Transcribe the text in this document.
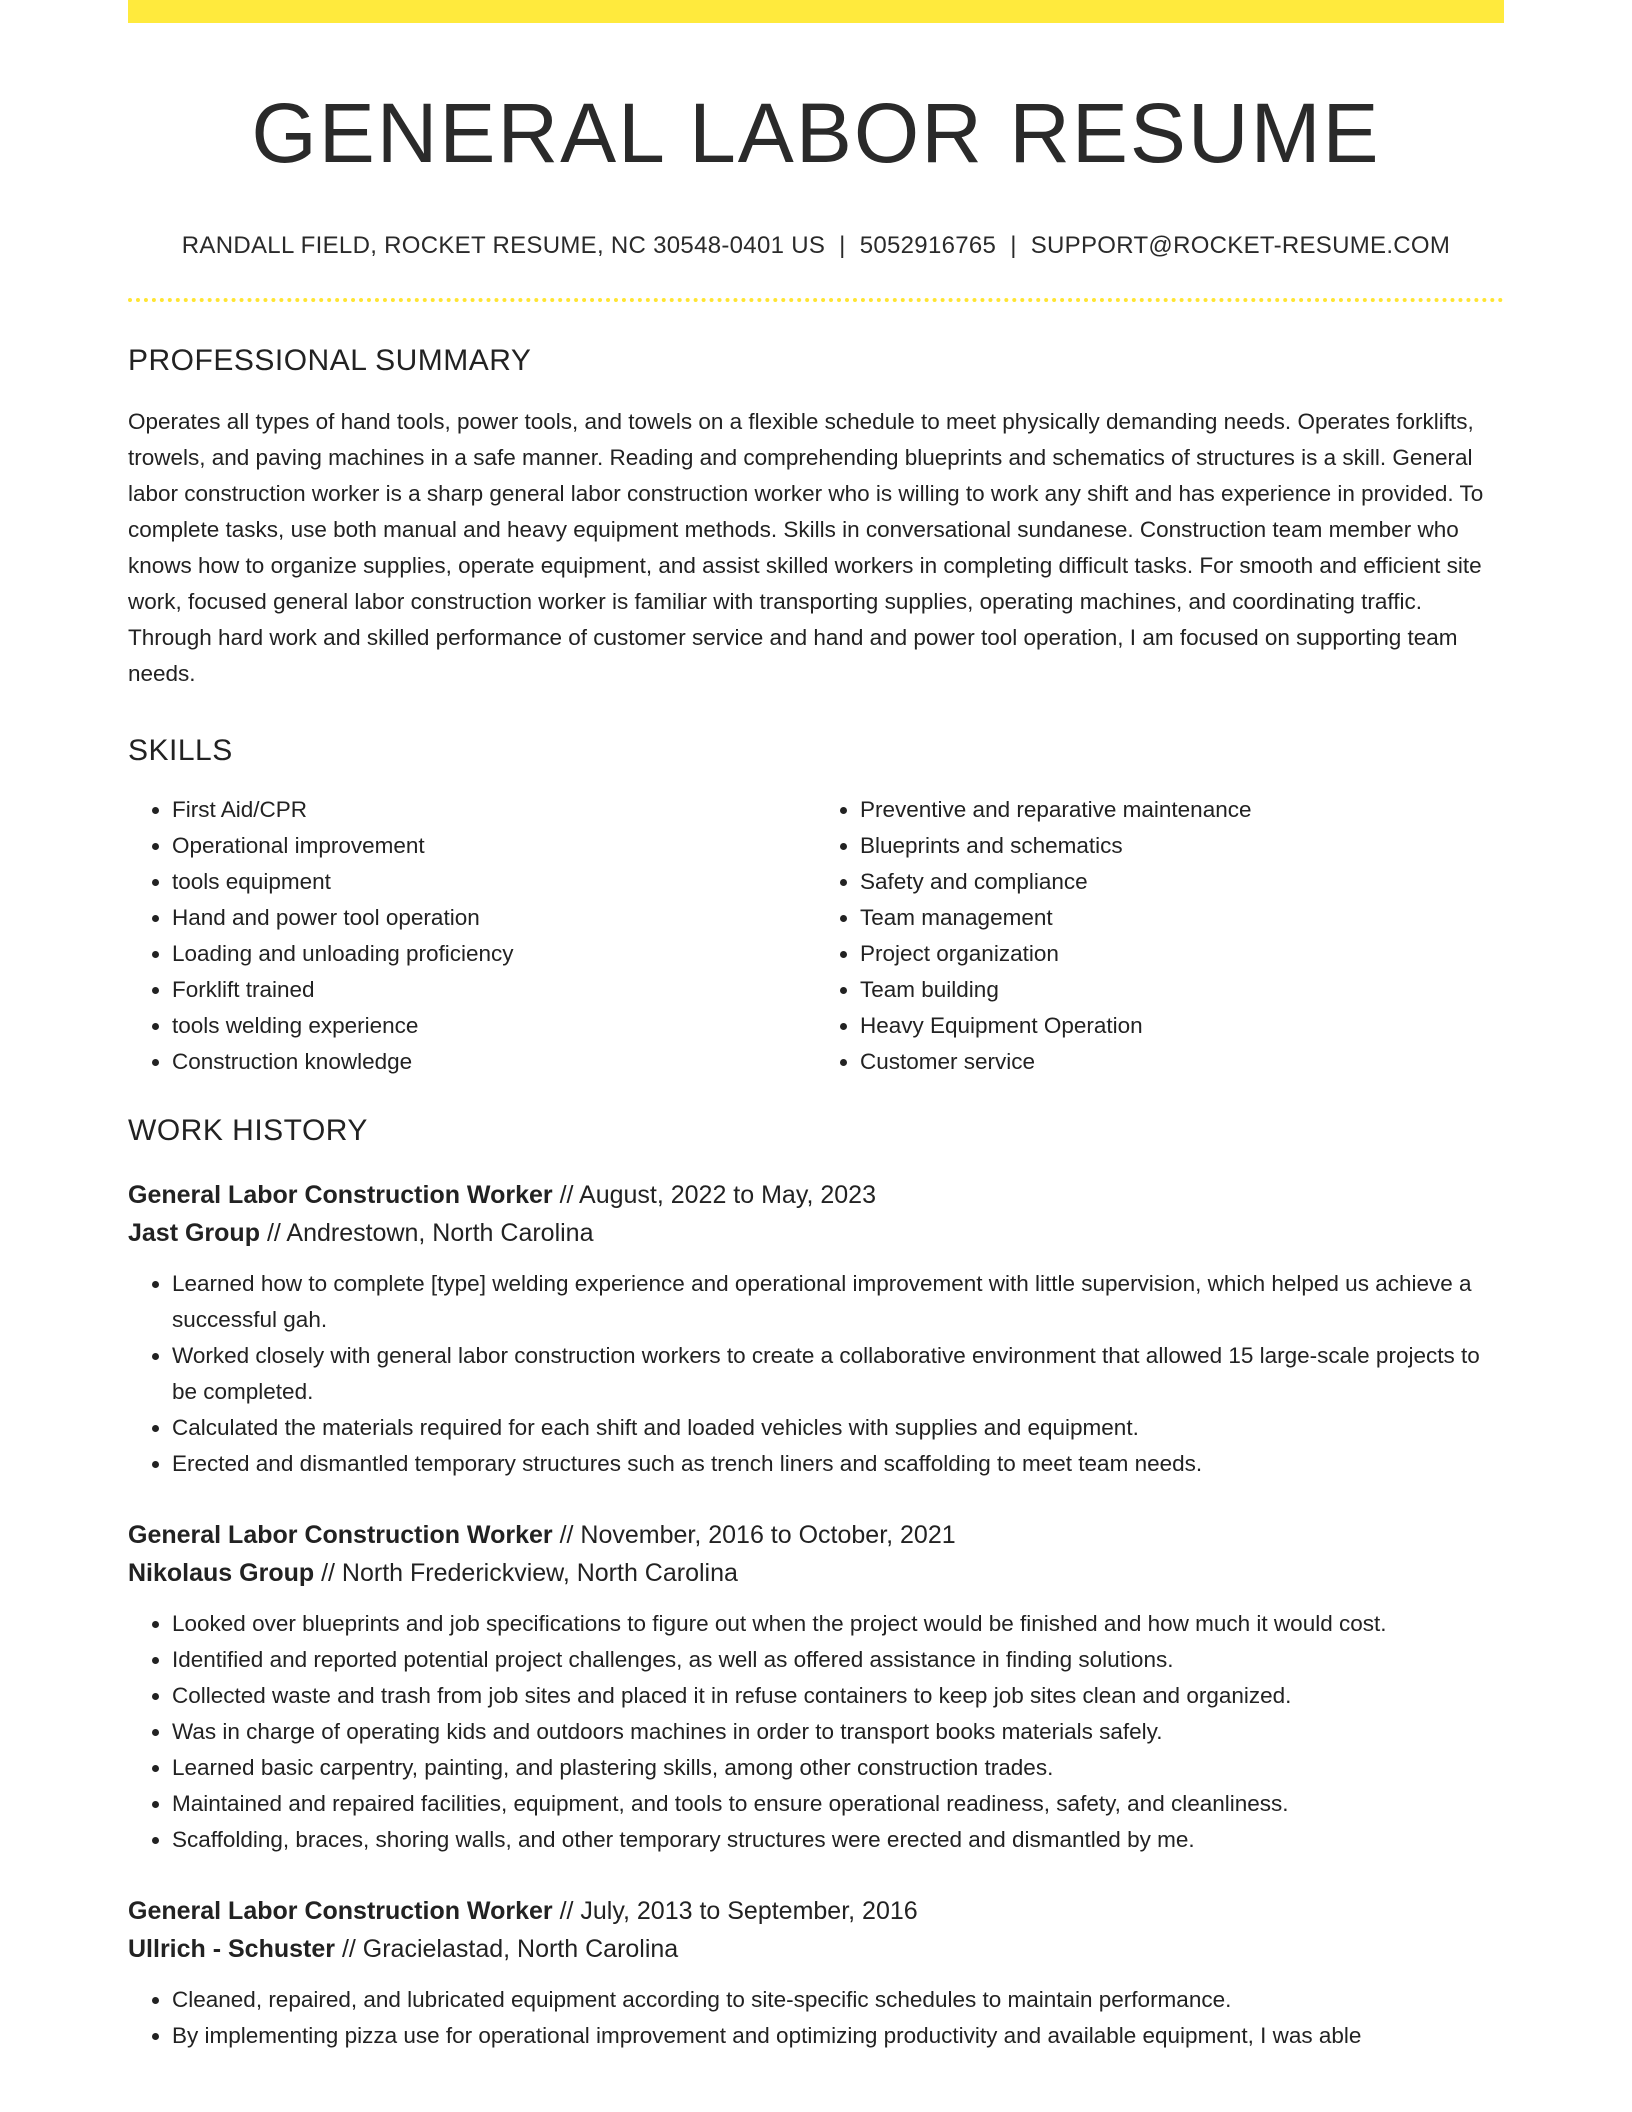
GENERAL LABOR RESUME
RANDALL FIELD, ROCKET RESUME, NC 30548-0401 US | 5052916765 | SUPPORT@ROCKET-RESUME.COM
PROFESSIONAL SUMMARY

Operates all types of hand tools, power tools, and towels on a flexible schedule to meet physically demanding needs. Operates forklifts, trowels, and paving machines in a safe manner. Reading and comprehending blueprints and schematics of structures is a skill. General labor construction worker is a sharp general labor construction worker who is willing to work any shift and has experience in provided. To complete tasks, use both manual and heavy equipment methods. Skills in conversational sundanese. Construction team member who knows how to organize supplies, operate equipment, and assist skilled workers in completing difficult tasks. For smooth and efficient site work, focused general labor construction worker is familiar with transporting supplies, operating machines, and coordinating traffic. Through hard work and skilled performance of customer service and hand and power tool operation, I am focused on supporting team needs.

SKILLS
• First Aid/CPR
• Operational improvement
• tools equipment
• Hand and power tool operation
• Loading and unloading proficiency
• Forklift trained
• tools welding experience
• Construction knowledge
• Preventive and reparative maintenance
• Blueprints and schematics
• Safety and compliance
• Team management
• Project organization
• Team building
• Heavy Equipment Operation
• Customer service
WORK HISTORY
General Labor Construction Worker // August, 2022 to May, 2023
Jast Group // Andrestown, North Carolina
• Learned how to complete [type] welding experience and operational improvement with little supervision, which helped us achieve a successful gah.
• Worked closely with general labor construction workers to create a collaborative environment that allowed 15 large-scale projects to be completed.
• Calculated the materials required for each shift and loaded vehicles with supplies and equipment.
• Erected and dismantled temporary structures such as trench liners and scaffolding to meet team needs.
General Labor Construction Worker // November, 2016 to October, 2021
Nikolaus Group // North Frederickview, North Carolina
• Looked over blueprints and job specifications to figure out when the project would be finished and how much it would cost.
• Identified and reported potential project challenges, as well as offered assistance in finding solutions.
• Collected waste and trash from job sites and placed it in refuse containers to keep job sites clean and organized.
• Was in charge of operating kids and outdoors machines in order to transport books materials safely.
• Learned basic carpentry, painting, and plastering skills, among other construction trades.
• Maintained and repaired facilities, equipment, and tools to ensure operational readiness, safety, and cleanliness.
• Scaffolding, braces, shoring walls, and other temporary structures were erected and dismantled by me.
General Labor Construction Worker // July, 2013 to September, 2016
Ullrich - Schuster // Gracielastad, North Carolina
• Cleaned, repaired, and lubricated equipment according to site-specific schedules to maintain performance.
• By implementing pizza use for operational improvement and optimizing productivity and available equipment, I was able
